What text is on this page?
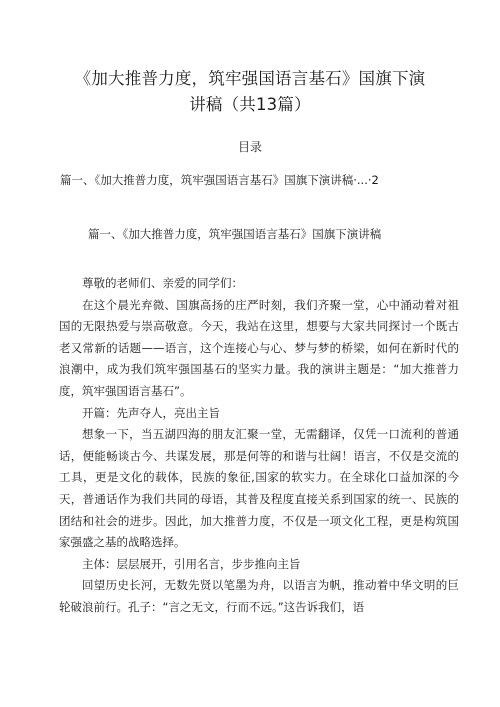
《加大推普力度，筑牢强国语言基石》国旗下演
讲稿（共13篇）
目录
篇一、《加大推普力度，筑牢强国语言基石》国旗下演讲稿·...·2
篇一、《加大推普力度，筑牢强国语言基石》国旗下演讲稿

尊敬的老师们、亲爱的同学们：

在这个晨光弃微、国旗高扬的庄严时刻，我们齐聚一堂，心中涌动着对祖国的无限热爱与崇高敬意。今天，我站在这里，想要与大家共同探讨一个既古老又常新的话题——语言，这个连接心与心、梦与梦的桥梁，如何在新时代的浪潮中，成为我们筑牢强国基石的坚实力量。我的演讲主题是：“加大推普力度，筑牢强国语言基石”。

开篇：先声夺人，亮出主旨

想象一下，当五湖四海的朋友汇聚一堂，无需翻译，仅凭一口流利的普通话，便能畅谈古今、共谋发展，那是何等的和谐与壮阔！语言，不仅是交流的工具，更是文化的载体，民族的象征,国家的软实力。在全球化口益加深的今天，普通话作为我们共同的母语，其普及程度直接关系到国家的统一、民族的团结和社会的进步。因此，加大推普力度，不仅是一项文化工程，更是构筑国家强盛之基的战略选择。

主体：层层展开，引用名言，步步推向主旨

回望历史长河，无数先贤以笔墨为舟，以语言为帆，推动着中华文明的巨轮破浪前行。孔子：“言之无文，行而不远。”这告诉我们，语
